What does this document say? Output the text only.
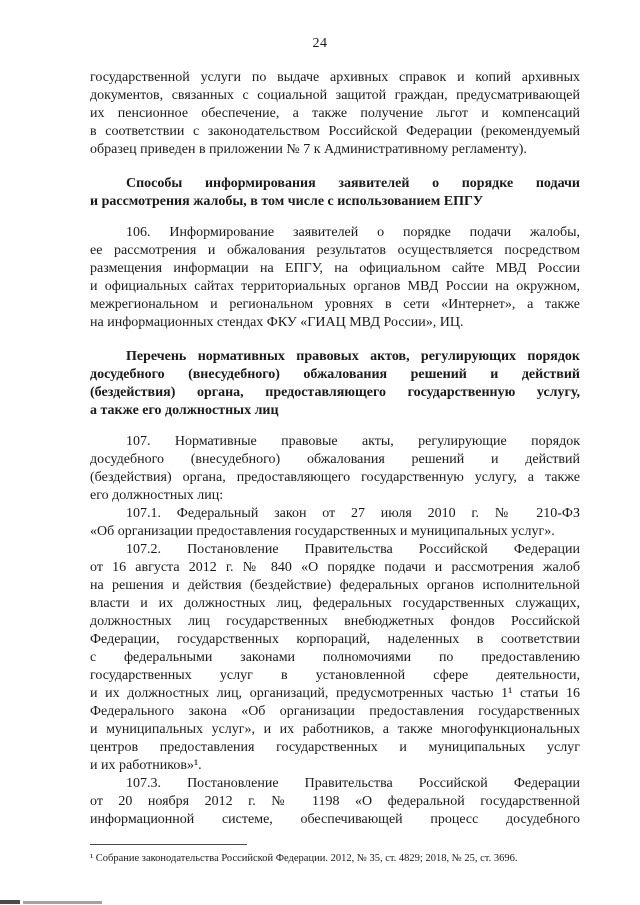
24
государственной услуги по выдаче архивных справок и копий архивных
документов, связанных с социальной защитой граждан, предусматривающей
их пенсионное обеспечение, а также получение льгот и компенсаций
в соответствии с законодательством Российской Федерации (рекомендуемый
образец приведен в приложении № 7 к Административному регламенту).
Способы информирования заявителей о порядке подачи
и рассмотрения жалобы, в том числе с использованием ЕПГУ
106. Информирование заявителей о порядке подачи жалобы,
ее рассмотрения и обжалования результатов осуществляется посредством
размещения информации на ЕПГУ, на официальном сайте МВД России
и официальных сайтах территориальных органов МВД России на окружном,
межрегиональном и региональном уровнях в сети «Интернет», а также
на информационных стендах ФКУ «ГИАЦ МВД России», ИЦ.
Перечень нормативных правовых актов, регулирующих порядок
досудебного (внесудебного) обжалования решений и действий
(бездействия) органа, предоставляющего государственную услугу,
а также его должностных лиц
107. Нормативные правовые акты, регулирующие порядок
досудебного (внесудебного) обжалования решений и действий
(бездействия) органа, предоставляющего государственную услугу, а также
его должностных лиц:
107.1. Федеральный закон от 27 июля 2010 г. № 210-ФЗ
«Об организации предоставления государственных и муниципальных услуг».
107.2. Постановление Правительства Российской Федерации
от 16 августа 2012 г. № 840 «О порядке подачи и рассмотрения жалоб
на решения и действия (бездействие) федеральных органов исполнительной
власти и их должностных лиц, федеральных государственных служащих,
должностных лиц государственных внебюджетных фондов Российской
Федерации, государственных корпораций, наделенных в соответствии
с федеральными законами полномочиями по предоставлению
государственных услуг в установленной сфере деятельности,
и их должностных лиц, организаций, предусмотренных частью 1¹ статьи 16
Федерального закона «Об организации предоставления государственных
и муниципальных услуг», и их работников, а также многофункциональных
центров предоставления государственных и муниципальных услуг
и их работников»¹.
107.3. Постановление Правительства Российской Федерации
от 20 ноября 2012 г. № 1198 «О федеральной государственной
информационной системе, обеспечивающей процесс досудебного
¹ Собрание законодательства Российской Федерации. 2012, № 35, ст. 4829; 2018, № 25, ст. 3696.
